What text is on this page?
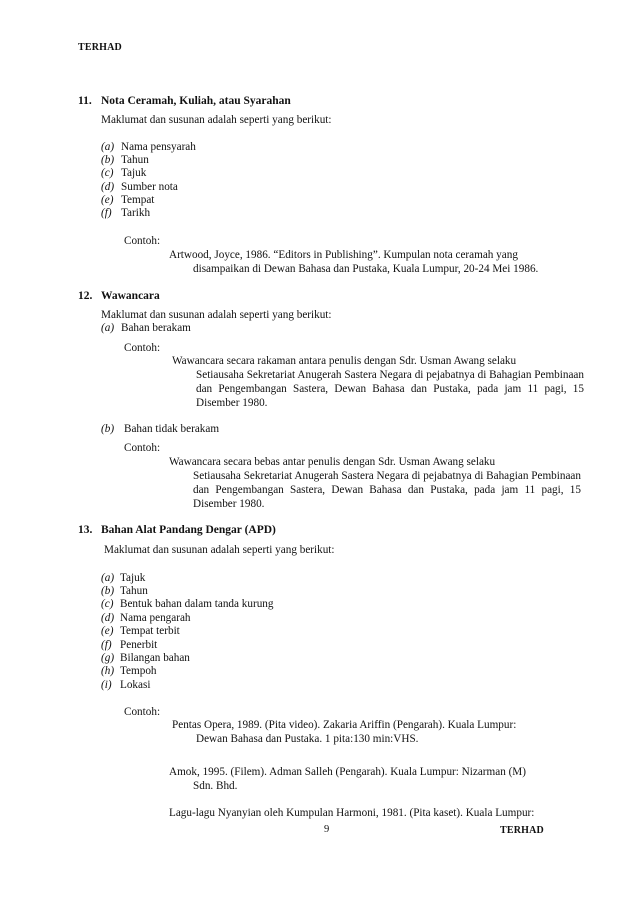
TERHAD
11. Nota Ceramah, Kuliah, atau Syarahan
Maklumat dan susunan adalah seperti yang berikut:
(a) Nama pensyarah
(b) Tahun
(c) Tajuk
(d) Sumber nota
(e) Tempat
(f) Tarikh
Contoh:
Artwood, Joyce, 1986. “Editors in Publishing”. Kumpulan nota ceramah yang
disampaikan di Dewan Bahasa dan Pustaka, Kuala Lumpur, 20-24 Mei 1986.
12. Wawancara
Maklumat dan susunan adalah seperti yang berikut:
(a) Bahan berakam
Contoh:
Wawancara secara rakaman antara penulis dengan Sdr. Usman Awang selaku
Setiausaha Sekretariat Anugerah Sastera Negara di pejabatnya di Bahagian Pembinaan dan Pengembangan Sastera, Dewan Bahasa dan Pustaka, pada jam 11 pagi, 15 Disember 1980.
(b) Bahan tidak berakam
Contoh:
Wawancara secara bebas antar penulis dengan Sdr. Usman Awang selaku
Setiausaha Sekretariat Anugerah Sastera Negara di pejabatnya di Bahagian Pembinaan dan Pengembangan Sastera, Dewan Bahasa dan Pustaka, pada jam 11 pagi, 15 Disember 1980.
13. Bahan Alat Pandang Dengar (APD)
Maklumat dan susunan adalah seperti yang berikut:
(a) Tajuk
(b) Tahun
(c) Bentuk bahan dalam tanda kurung
(d) Nama pengarah
(e) Tempat terbit
(f) Penerbit
(g) Bilangan bahan
(h) Tempoh
(i) Lokasi
Contoh:
Pentas Opera, 1989. (Pita video). Zakaria Ariffin (Pengarah). Kuala Lumpur:
Dewan Bahasa dan Pustaka. 1 pita:130 min:VHS.
Amok, 1995. (Filem). Adman Salleh (Pengarah). Kuala Lumpur: Nizarman (M)
Sdn. Bhd.
Lagu-lagu Nyanyian oleh Kumpulan Harmoni, 1981. (Pita kaset). Kuala Lumpur:
9	TERHAD
